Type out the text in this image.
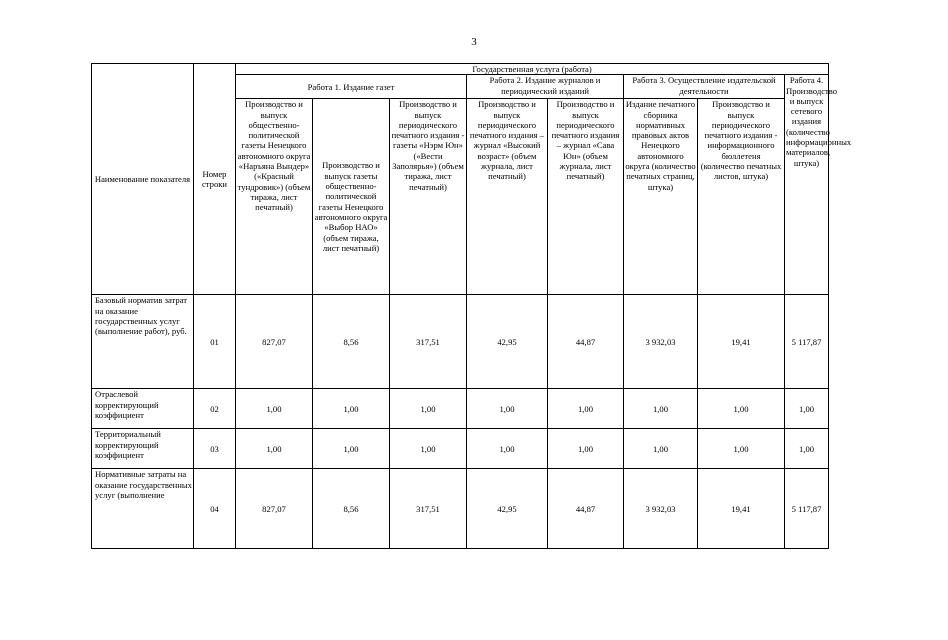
3
Наименование показателя	Номер строки	Государственная услуга (работа)							
		Работа 1. Издание газет			Работа 2. Издание журналов и периодический изданий		Работа 3. Осуществление издательской деятельности		Работа 4. Производство и выпуск сетевого издания (количество информационных материалов, штука)
		Производство и выпуск общественно-политической газеты Ненецкого автономного округа «Наръяна Вындер» («Красный тундровик») (объем тиража, лист печатный)	Производство и выпуск газеты общественно-политической газеты Ненецкого автономного округа «Выбор НАО» (объем тиража, лист печатный)	Производство и выпуск периодического печатного издания - газеты «Нэрм Юн» («Вести Заполярья») (объем тиража, лист печатный)	Производство и выпуск периодического печатного издания – журнал «Высокий возраст» (объем журнала, лист печатный)	Производство и выпуск периодического печатного издания – журнал «Сава Юн» (объем журнала, лист печатный)	Издание печатного сборника нормативных правовых актов Ненецкого автономного округа (количество печатных страниц, штука)	Производство и выпуск периодического печатного издания - информационного бюллетеня (количество печатных листов, штука)	
Базовый норматив затрат на оказание государственных услуг (выполнение работ), руб.	01	827,07	8,56	317,51	42,95	44,87	3 932,03	19,41	5 117,87
Отраслевой корректирующий коэффициент	02	1,00	1,00	1,00	1,00	1,00	1,00	1,00	1,00
Территориальный корректирующий коэффициент	03	1,00	1,00	1,00	1,00	1,00	1,00	1,00	1,00
Нормативные затраты на оказание государственных услуг (выполнение	04	827,07	8,56	317,51	42,95	44,87	3 932,03	19,41	5 117,87
